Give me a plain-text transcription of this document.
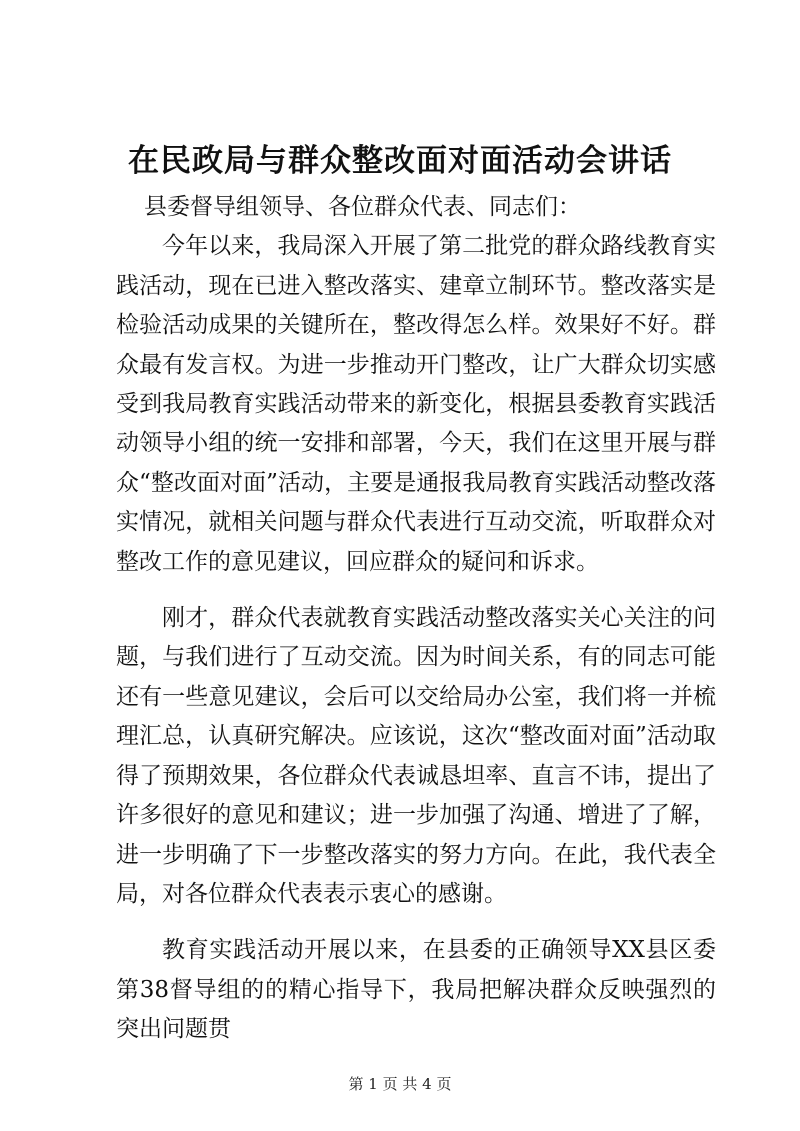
在民政局与群众整改面对面活动会讲话

县委督导组领导、各位群众代表、同志们：

今年以来，我局深入开展了第二批党的群众路线教育实践活动，现在已进入整改落实、建章立制环节。整改落实是检验活动成果的关键所在，整改得怎么样。效果好不好。群众最有发言权。为进一步推动开门整改，让广大群众切实感受到我局教育实践活动带来的新变化，根据县委教育实践活动领导小组的统一安排和部署，今天，我们在这里开展与群众“整改面对面”活动，主要是通报我局教育实践活动整改落实情况，就相关问题与群众代表进行互动交流，听取群众对整改工作的意见建议，回应群众的疑问和诉求。

刚才，群众代表就教育实践活动整改落实关心关注的问题，与我们进行了互动交流。因为时间关系，有的同志可能还有一些意见建议，会后可以交给局办公室，我们将一并梳理汇总，认真研究解决。应该说，这次“整改面对面”活动取得了预期效果，各位群众代表诚恳坦率、直言不讳，提出了许多很好的意见和建议；进一步加强了沟通、增进了了解，进一步明确了下一步整改落实的努力方向。在此，我代表全局，对各位群众代表表示衷心的感谢。

教育实践活动开展以来，在县委的正确领导XX县区委第38督导组的的精心指导下，我局把解决群众反映强烈的突出问题贯

第 1 页 共 4 页
